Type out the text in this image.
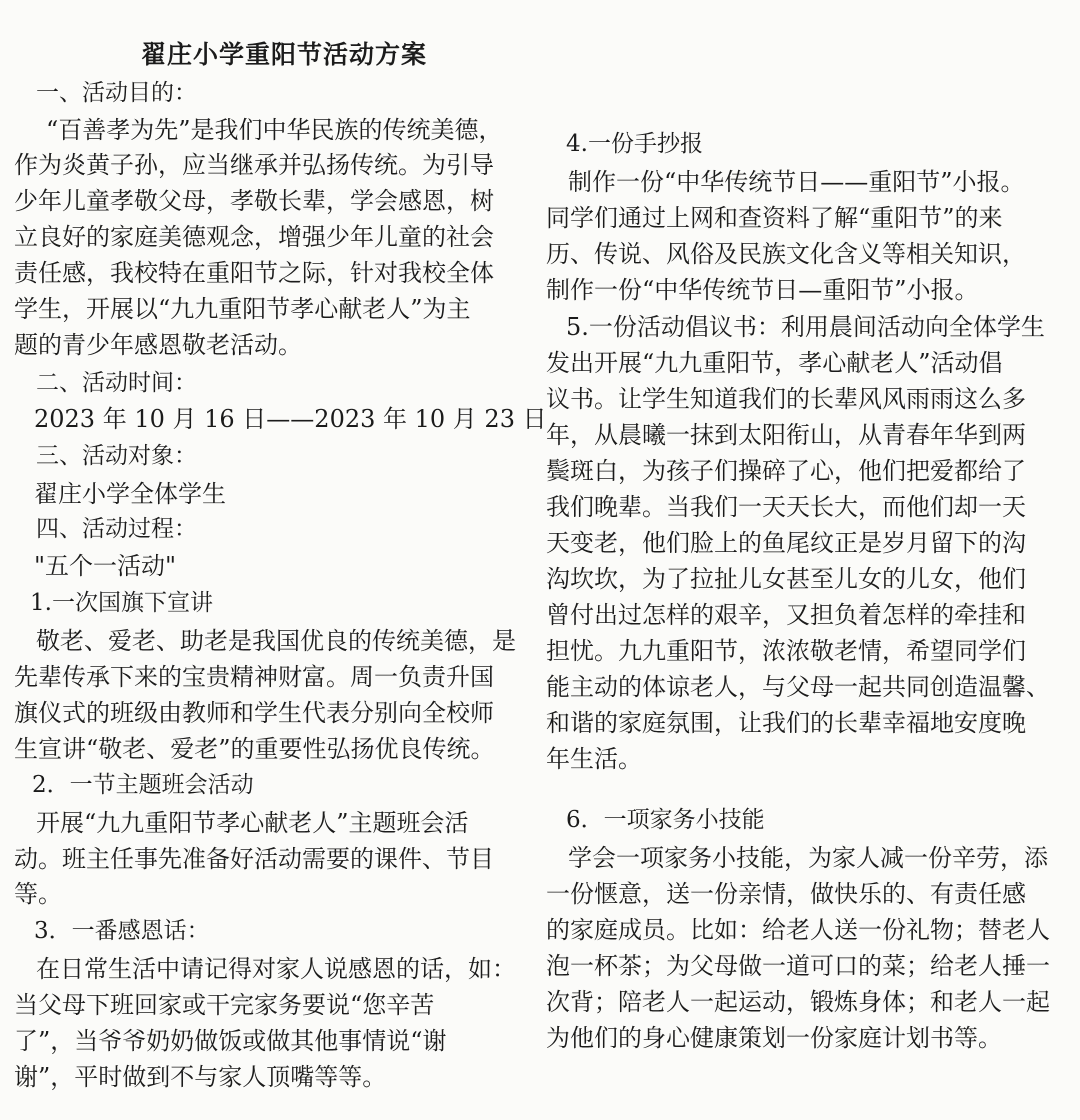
翟庄小学重阳节活动方案
一、活动目的：
“百善孝为先”是我们中华民族的传统美德，
作为炎黄子孙，应当继承并弘扬传统。为引导
少年儿童孝敬父母，孝敬长辈，学会感恩，树
立良好的家庭美德观念，增强少年儿童的社会
责任感，我校特在重阳节之际，针对我校全体
学生，开展以“九九重阳节孝心献老人”为主
题的青少年感恩敬老活动。
二、活动时间：
2023 年 10 月 16 日——2023 年 10 月 23 日
三、活动对象：
翟庄小学全体学生
四、活动过程：
"五个一活动"
1.一次国旗下宣讲
敬老、爱老、助老是我国优良的传统美德，是
先辈传承下来的宝贵精神财富。周一负责升国
旗仪式的班级由教师和学生代表分别向全校师
生宣讲“敬老、爱老”的重要性弘扬优良传统。
2．一节主题班会活动
开展“九九重阳节孝心献老人”主题班会活
动。班主任事先准备好活动需要的课件、节目
等。
3．一番感恩话：
在日常生活中请记得对家人说感恩的话，如：
当父母下班回家或干完家务要说“您辛苦
了”，当爷爷奶奶做饭或做其他事情说“谢
谢”，平时做到不与家人顶嘴等等。
4.一份手抄报
制作一份“中华传统节日——重阳节”小报。
同学们通过上网和查资料了解“重阳节”的来
历、传说、风俗及民族文化含义等相关知识，
制作一份“中华传统节日—重阳节”小报。
5.一份活动倡议书：利用晨间活动向全体学生
发出开展“九九重阳节，孝心献老人”活动倡
议书。让学生知道我们的长辈风风雨雨这么多
年，从晨曦一抹到太阳衔山，从青春年华到两
鬓斑白，为孩子们操碎了心，他们把爱都给了
我们晚辈。当我们一天天长大，而他们却一天
天变老，他们脸上的鱼尾纹正是岁月留下的沟
沟坎坎，为了拉扯儿女甚至儿女的儿女，他们
曾付出过怎样的艰辛，又担负着怎样的牵挂和
担忧。九九重阳节，浓浓敬老情，希望同学们
能主动的体谅老人，与父母一起共同创造温馨、
和谐的家庭氛围，让我们的长辈幸福地安度晚
年生活。
6．一项家务小技能
学会一项家务小技能，为家人减一份辛劳，添
一份惬意，送一份亲情，做快乐的、有责任感
的家庭成员。比如：给老人送一份礼物；替老人
泡一杯茶；为父母做一道可口的菜；给老人捶一
次背；陪老人一起运动，锻炼身体；和老人一起
为他们的身心健康策划一份家庭计划书等。
